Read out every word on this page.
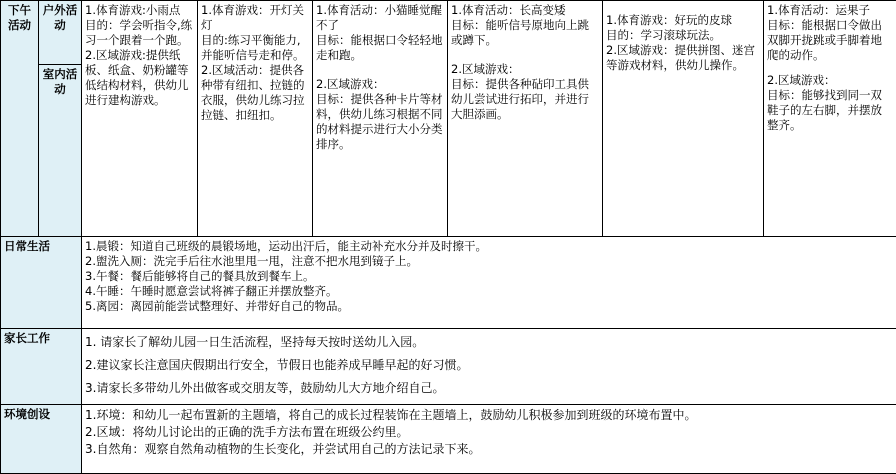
下午活动	户外活动	1.体育游戏:小雨点
目的：学会听指令,练习一个跟着一个跑。
2.区域游戏:提供纸板、纸盒、奶粉罐等低结构材料，供幼儿进行建构游戏。	1.体育游戏：开灯关灯
目的:练习平衡能力,并能听信号走和停。
2.区域活动：提供各种带有纽扣、拉链的衣服，供幼儿练习拉拉链、扣纽扣。	1.体育活动：小猫睡觉醒不了
目标：能根据口令轻轻地走和跑。
2.区域游戏：
目标：提供各种卡片等材料，供幼儿练习根据不同的材料提示进行大小分类排序。	1.体育活动：长高变矮
目标：能听信号原地向上跳或蹲下。
2.区域游戏：
目标：提供各种砧印工具供幼儿尝试进行拓印，并进行大胆添画。	1.体育游戏：好玩的皮球
目的：学习滚球玩法。
2.区域游戏：提供拼图、迷宫等游戏材料，供幼儿操作。	1.体育活动：运果子
目标：能根据口令做出双脚开拢跳或手脚着地爬的动作。
2.区域游戏：
目标：能够找到同一双鞋子的左右脚，并摆放整齐。

	室内活动						
日常生活		1.晨锻：知道自己班级的晨锻场地，运动出汗后，能主动补充水分并及时擦干。
2.盥洗入厕：洗完手后往水池里甩一甩，注意不把水甩到镜子上。
3.午餐：餐后能够将自己的餐具放到餐车上。
4.午睡：午睡时愿意尝试将裤子翻正并摆放整齐。
5.离园：离园前能尝试整理好、并带好自己的物品。					

家长工作		1. 请家长了解幼儿园一日生活流程，坚持每天按时送幼儿入园。
2.建议家长注意国庆假期出行安全，节假日也能养成早睡早起的好习惯。
3.请家长多带幼儿外出做客或交朋友等，鼓励幼儿大方地介绍自己。					

环境创设		1.环境：和幼儿一起布置新的主题墙，将自己的成长过程装饰在主题墙上，鼓励幼儿积极参加到班级的环境布置中。
2.区域：将幼儿讨论出的正确的洗手方法布置在班级公约里。
3.自然角：观察自然角动植物的生长变化，并尝试用自己的方法记录下来。					
